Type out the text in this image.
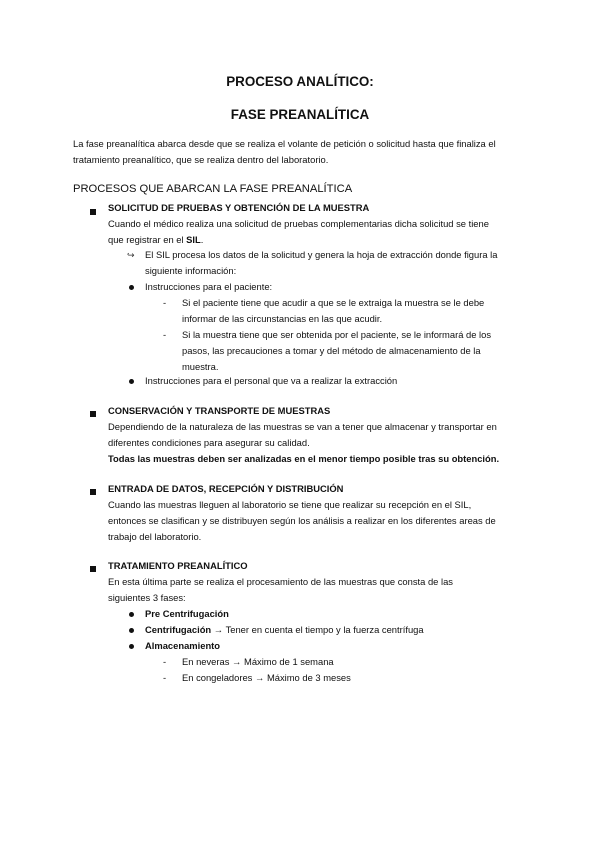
PROCESO ANALÍTICO:
FASE PREANALÍTICA
La fase preanalítica abarca desde que se realiza el volante de petición o solicitud hasta que finaliza el
tratamiento preanalítico, que se realiza dentro del laboratorio.
PROCESOS QUE ABARCAN LA FASE PREANALÍTICA
SOLICITUD DE PRUEBAS Y OBTENCIÓN DE LA MUESTRA
Cuando el médico realiza una solicitud de pruebas complementarias dicha solicitud se tiene
que registrar en el SIL.
↪ El SIL procesa los datos de la solicitud y genera la hoja de extracción donde figura la
siguiente información:
Instrucciones para el paciente:
- Si el paciente tiene que acudir a que se le extraiga la muestra se le debe
informar de las circunstancias en las que acudir.
- Si la muestra tiene que ser obtenida por el paciente, se le informará de los
pasos, las precauciones a tomar y del método de almacenamiento de la
muestra.
Instrucciones para el personal que va a realizar la extracción
CONSERVACIÓN Y TRANSPORTE DE MUESTRAS
Dependiendo de la naturaleza de las muestras se van a tener que almacenar y transportar en
diferentes condiciones para asegurar su calidad.
Todas las muestras deben ser analizadas en el menor tiempo posible tras su obtención.
ENTRADA DE DATOS, RECEPCIÓN Y DISTRIBUCIÓN
Cuando las muestras lleguen al laboratorio se tiene que realizar su recepción en el SIL,
entonces se clasifican y se distribuyen según los análisis a realizar en los diferentes areas de
trabajo del laboratorio.
TRATAMIENTO PREANALÍTICO
En esta última parte se realiza el procesamiento de las muestras que consta de las
siguientes 3 fases:
Pre Centrifugación
Centrifugación → Tener en cuenta el tiempo y la fuerza centrífuga
Almacenamiento
- En neveras → Máximo de 1 semana
- En congeladores → Máximo de 3 meses
